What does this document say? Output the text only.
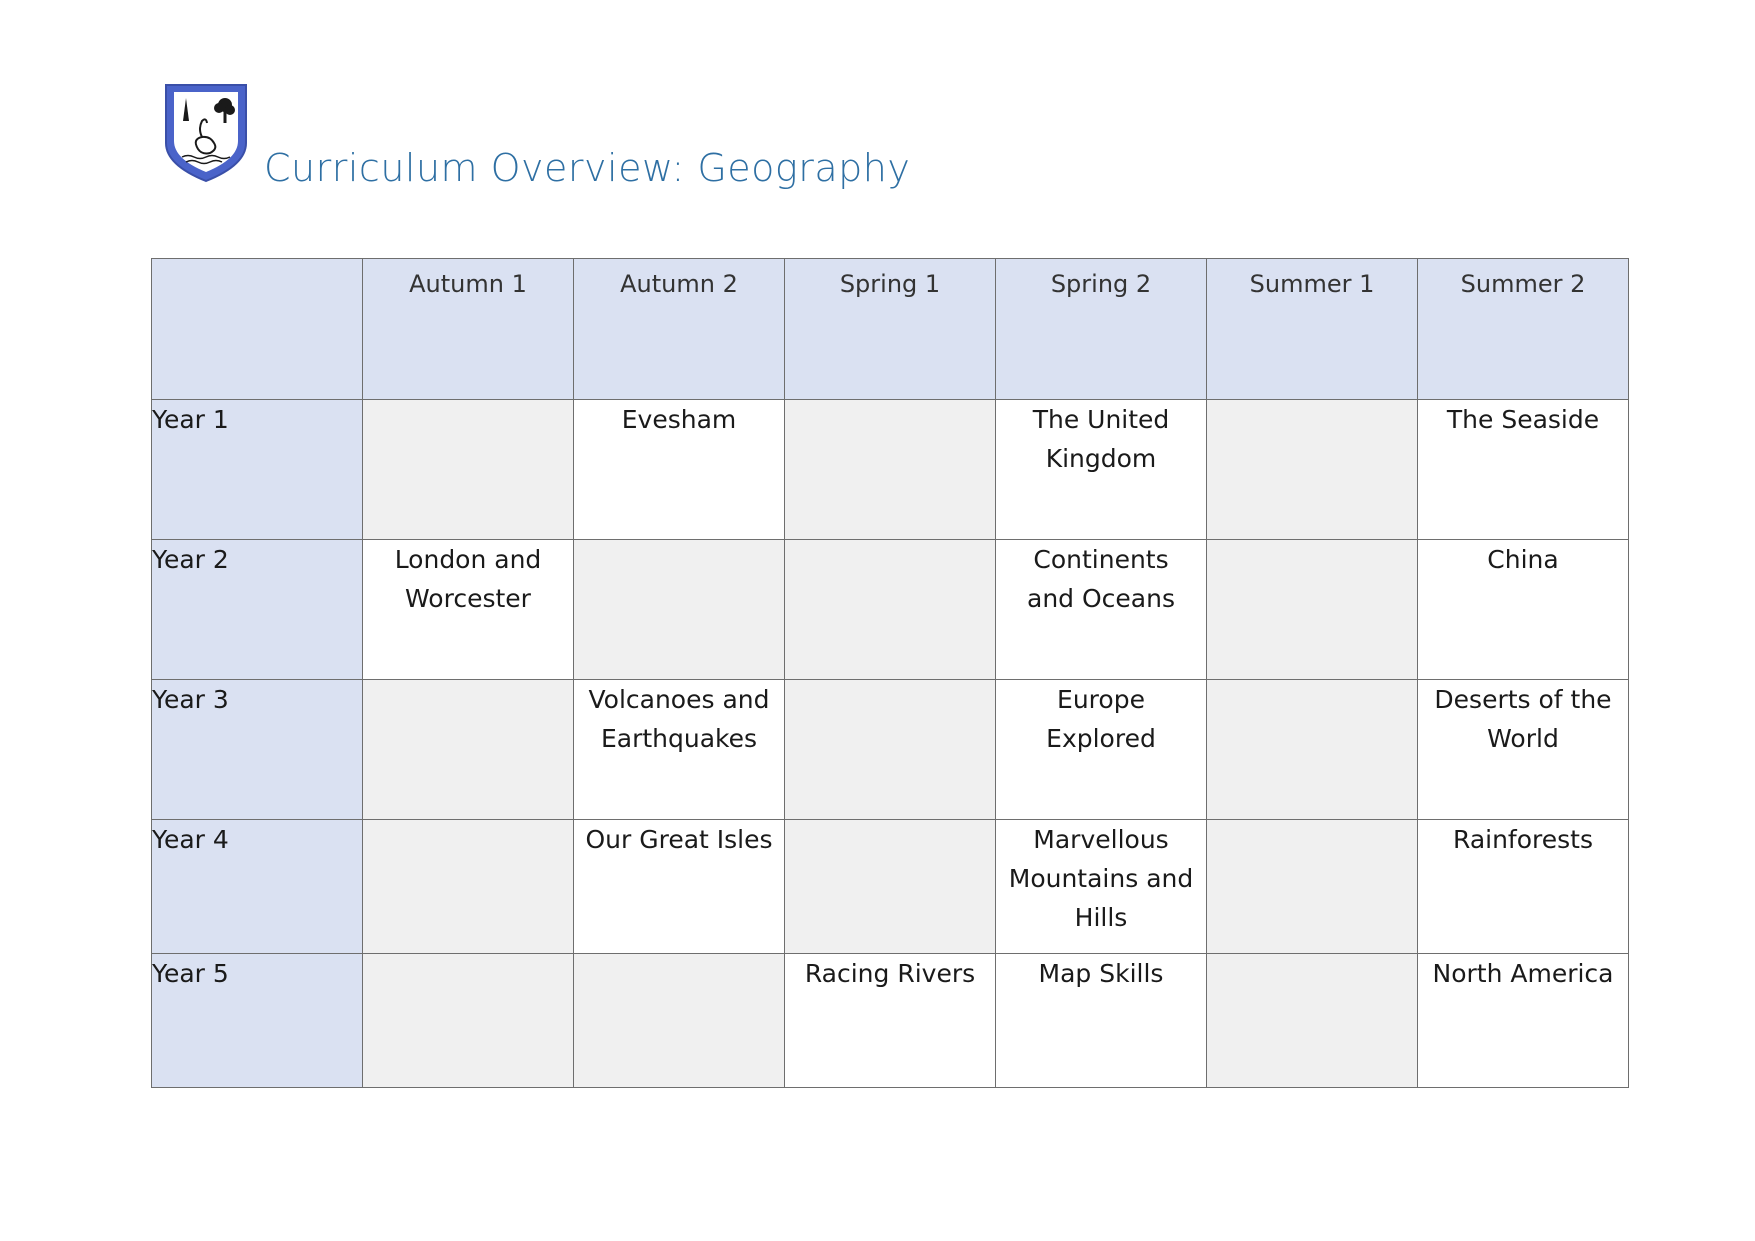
Curriculum Overview: Geography
	Autumn 1	Autumn 2	Spring 1	Spring 2	Summer 1	Summer 2
Year 1		Evesham		The United Kingdom		The Seaside

Year 2	London and Worcester			Continents and Oceans		China

Year 3		Volcanoes and Earthquakes		Europe Explored		Deserts of the World

Year 4		Our Great Isles		Marvellous Mountains and Hills		Rainforests

Year 5			Racing Rivers	Map Skills		North America
